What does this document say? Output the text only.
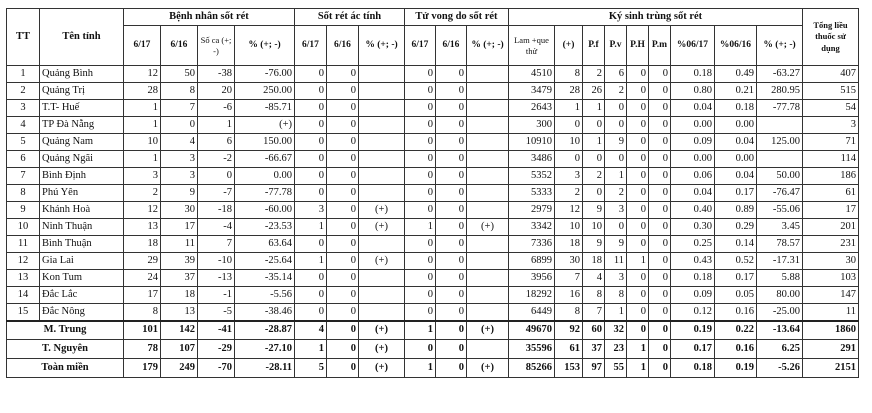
TT	Tên tỉnh	Bệnh nhân sốt rét				Sốt rét ác tính			Tử vong do sốt rét			Ký sinh trùng sốt rét									Tổng liều thuốc sử dụng
		6/17	6/16	Số ca (+; -)	% (+; -)	6/17	6/16	% (+; -)	6/17	6/16	% (+; -)	Lam +que thử	(+)	P.f	P.v	P.H	P.m	%06/17	%06/16	% (+; -)	
1	Quảng Bình	12	50	-38	-76.00	0	0		0	0		4510	8	2	6	0	0	0.18	0.49	-63.27	407
2	Quảng Trị	28	8	20	250.00	0	0		0	0		3479	28	26	2	0	0	0.80	0.21	280.95	515
3	T.T- Huế	1	7	-6	-85.71	0	0		0	0		2643	1	1	0	0	0	0.04	0.18	-77.78	54
4	TP Đà Nẵng	1	0	1	(+)	0	0		0	0		300	0	0	0	0	0	0.00	0.00		3
5	Quảng Nam	10	4	6	150.00	0	0		0	0		10910	10	1	9	0	0	0.09	0.04	125.00	71
6	Quảng Ngãi	1	3	-2	-66.67	0	0		0	0		3486	0	0	0	0	0	0.00	0.00		114
7	Bình Định	3	3	0	0.00	0	0		0	0		5352	3	2	1	0	0	0.06	0.04	50.00	186
8	Phú Yên	2	9	-7	-77.78	0	0		0	0		5333	2	0	2	0	0	0.04	0.17	-76.47	61
9	Khánh Hoà	12	30	-18	-60.00	3	0	(+)	0	0		2979	12	9	3	0	0	0.40	0.89	-55.06	17
10	Ninh Thuận	13	17	-4	-23.53	1	0	(+)	1	0	(+)	3342	10	10	0	0	0	0.30	0.29	3.45	201
11	Bình Thuận	18	11	7	63.64	0	0		0	0		7336	18	9	9	0	0	0.25	0.14	78.57	231
12	Gia Lai	29	39	-10	-25.64	1	0	(+)	0	0		6899	30	18	11	1	0	0.43	0.52	-17.31	30
13	Kon Tum	24	37	-13	-35.14	0	0		0	0		3956	7	4	3	0	0	0.18	0.17	5.88	103
14	Đắc Lắc	17	18	-1	-5.56	0	0		0	0		18292	16	8	8	0	0	0.09	0.05	80.00	147
15	Đắc Nông	8	13	-5	-38.46	0	0		0	0		6449	8	7	1	0	0	0.12	0.16	-25.00	11
M. Trung		101	142	-41	-28.87	4	0	(+)	1	0	(+)	49670	92	60	32	0	0	0.19	0.22	-13.64	1860
T. Nguyên		78	107	-29	-27.10	1	0	(+)	0	0		35596	61	37	23	1	0	0.17	0.16	6.25	291
Toàn miền		179	249	-70	-28.11	5	0	(+)	1	0	(+)	85266	153	97	55	1	0	0.18	0.19	-5.26	2151
